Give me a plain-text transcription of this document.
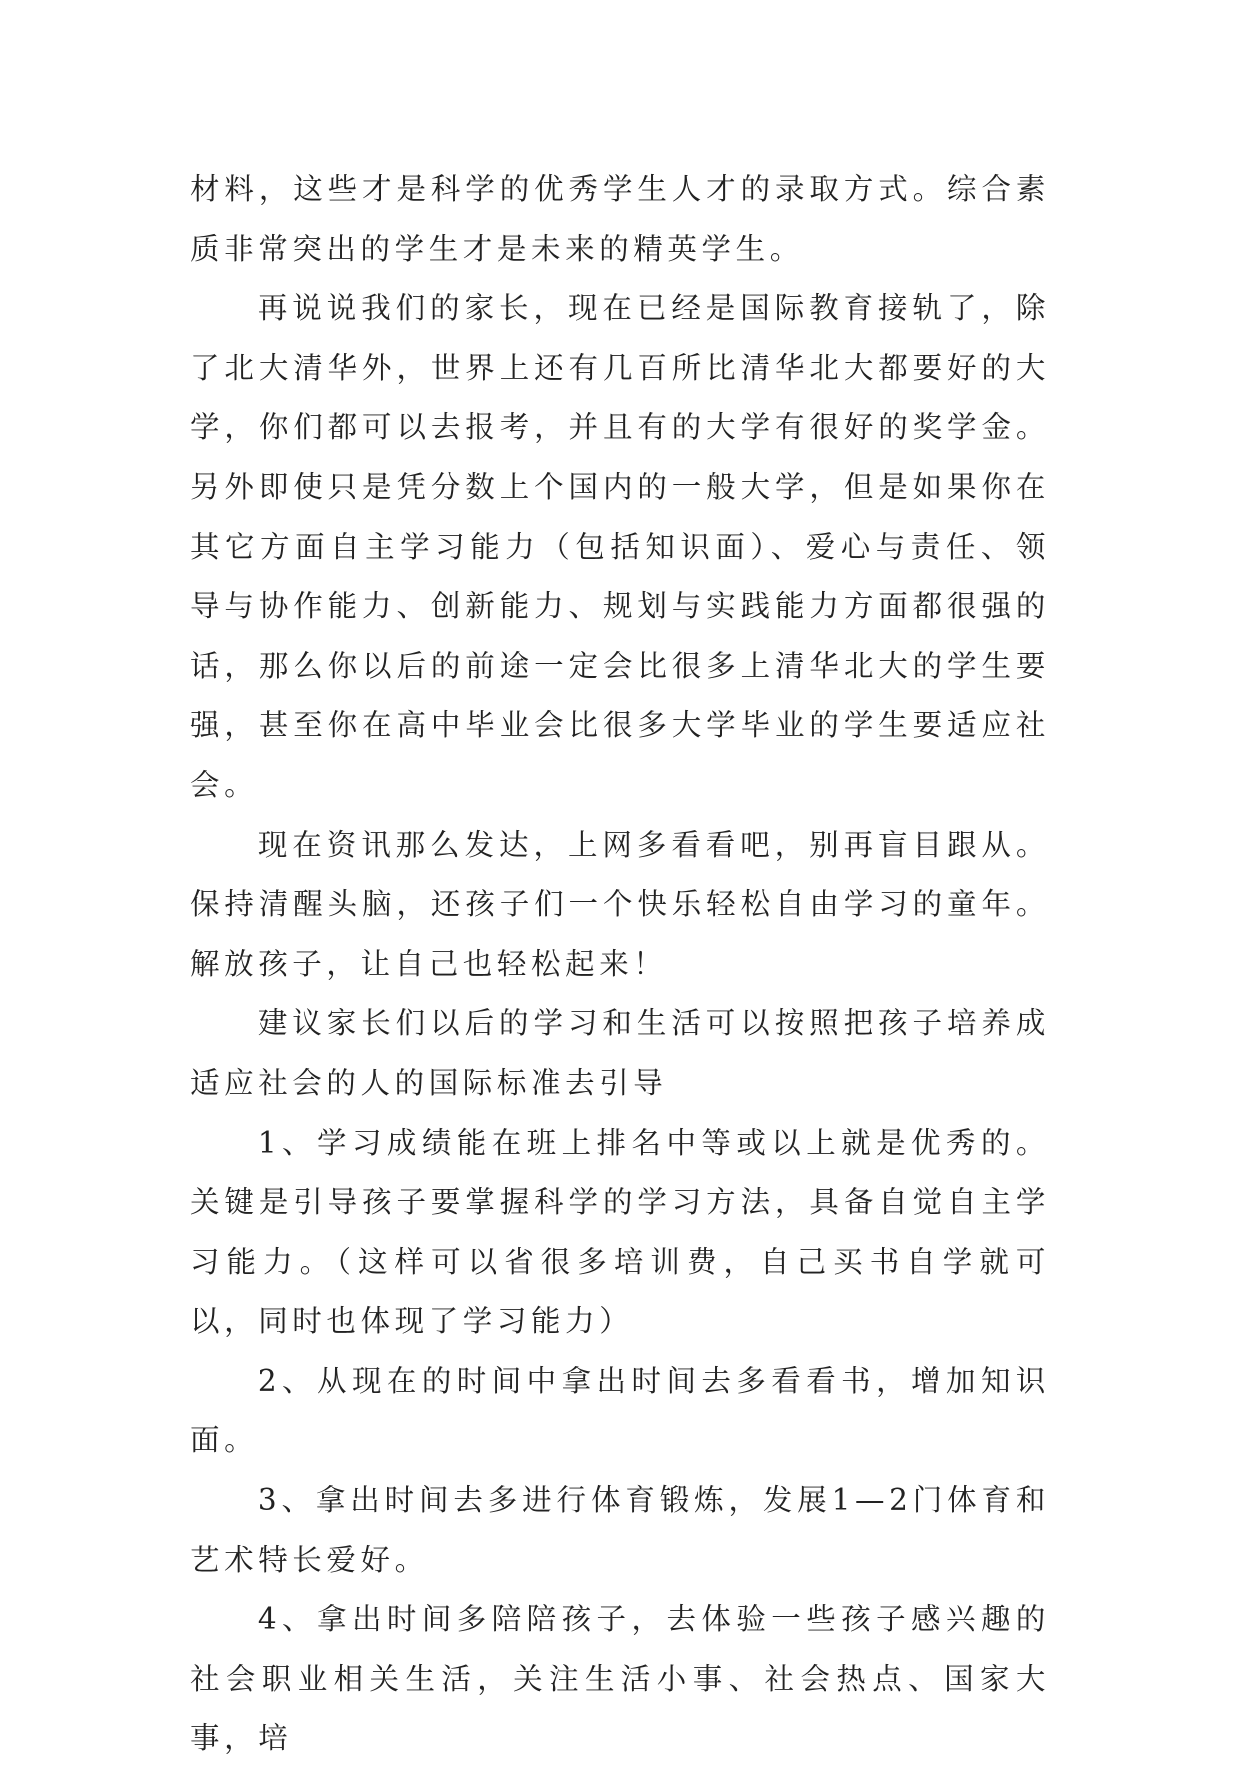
材料，这些才是科学的优秀学生人才的录取方式。综合素质非常突出的学生才是未来的精英学生。

再说说我们的家长，现在已经是国际教育接轨了，除了北大清华外，世界上还有几百所比清华北大都要好的大学，你们都可以去报考，并且有的大学有很好的奖学金。另外即使只是凭分数上个国内的一般大学，但是如果你在其它方面自主学习能力（包括知识面）、爱心与责任、领导与协作能力、创新能力、规划与实践能力方面都很强的话，那么你以后的前途一定会比很多上清华北大的学生要强，甚至你在高中毕业会比很多大学毕业的学生要适应社会。

现在资讯那么发达，上网多看看吧，别再盲目跟从。保持清醒头脑，还孩子们一个快乐轻松自由学习的童年。解放孩子，让自己也轻松起来！

建议家长们以后的学习和生活可以按照把孩子培养成适应社会的人的国际标准去引导

1、学习成绩能在班上排名中等或以上就是优秀的。关键是引导孩子要掌握科学的学习方法，具备自觉自主学习能力。（这样可以省很多培训费，自己买书自学就可以，同时也体现了学习能力）

2、从现在的时间中拿出时间去多看看书，增加知识面。

3、拿出时间去多进行体育锻炼，发展1—2门体育和艺术特长爱好。

4、拿出时间多陪陪孩子，去体验一些孩子感兴趣的社会职业相关生活，关注生活小事、社会热点、国家大事，培
